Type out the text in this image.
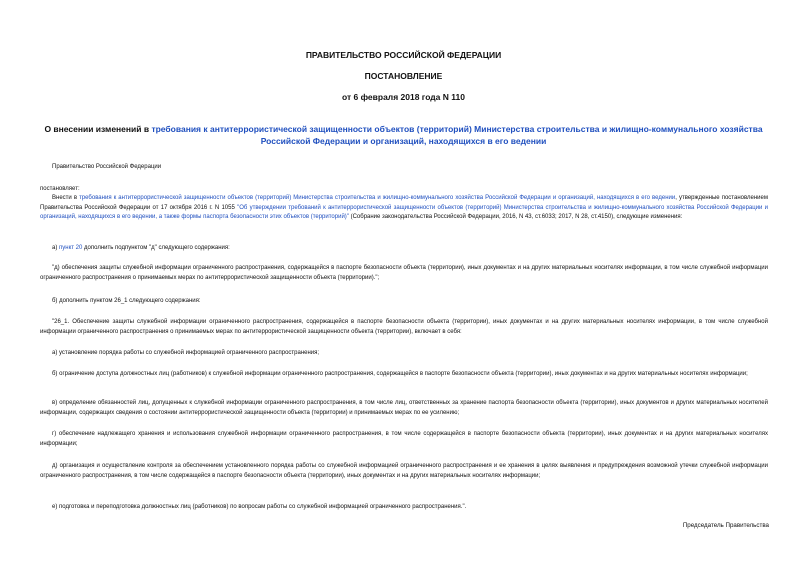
ПРАВИТЕЛЬСТВО РОССИЙСКОЙ ФЕДЕРАЦИИ
ПОСТАНОВЛЕНИЕ
от 6 февраля 2018 года N 110
О внесении изменений в требования к антитеррористической защищенности объектов (территорий) Министерства строительства и жилищно-коммунального хозяйства Российской Федерации и организаций, находящихся в его ведении
Правительство Российской Федерации
постановляет:
Внести в требования к антитеррористической защищенности объектов (территорий) Министерства строительства и жилищно-коммунального хозяйства Российской Федерации и организаций, находящихся в его ведении, утвержденные постановлением Правительства Российской Федерации от 17 октября 2016 г. N 1055 "Об утверждении требований к антитеррористической защищенности объектов (территорий) Министерства строительства и жилищно-коммунального хозяйства Российской Федерации и организаций, находящихся в его ведении, а также формы паспорта безопасности этих объектов (территорий)" (Собрание законодательства Российской Федерации, 2016, N 43, ст.6033; 2017, N 28, ст.4150), следующие изменения:
а) пункт 20 дополнить подпунктом "д" следующего содержания:
"д) обеспечения защиты служебной информации ограниченного распространения, содержащейся в паспорте безопасности объекта (территории), иных документах и на других материальных носителях информации, в том числе служебной информации ограниченного распространения о принимаемых мерах по антитеррористической защищенности объекта (территории).";
б) дополнить пунктом 26_1 следующего содержания:
"26_1. Обеспечение защиты служебной информации ограниченного распространения, содержащейся в паспорте безопасности объекта (территории), иных документах и на других материальных носителях информации, в том числе служебной информации ограниченного распространения о принимаемых мерах по антитеррористической защищенности объекта (территории), включает в себя:
а) установление порядка работы со служебной информацией ограниченного распространения;
б) ограничение доступа должностных лиц (работников) к служебной информации ограниченного распространения, содержащейся в паспорте безопасности объекта (территории), иных документах и на других материальных носителях информации;
в) определение обязанностей лиц, допущенных к служебной информации ограниченного распространения, в том числе лиц, ответственных за хранение паспорта безопасности объекта (территории), иных документов и других материальных носителей информации, содержащих сведения о состоянии антитеррористической защищенности объекта (территории) и принимаемых мерах по ее усилению;
г) обеспечение надлежащего хранения и использования служебной информации ограниченного распространения, в том числе содержащейся в паспорте безопасности объекта (территории), иных документах и на других материальных носителях информации;
д) организация и осуществление контроля за обеспечением установленного порядка работы со служебной информацией ограниченного распространения и ее хранения в целях выявления и предупреждения возможной утечки служебной информации ограниченного распространения, в том числе содержащейся в паспорте безопасности объекта (территории), иных документах и на других материальных носителях информации;
е) подготовка и переподготовка должностных лиц (работников) по вопросам работы со служебной информацией ограниченного распространения.".
Председатель Правительства
